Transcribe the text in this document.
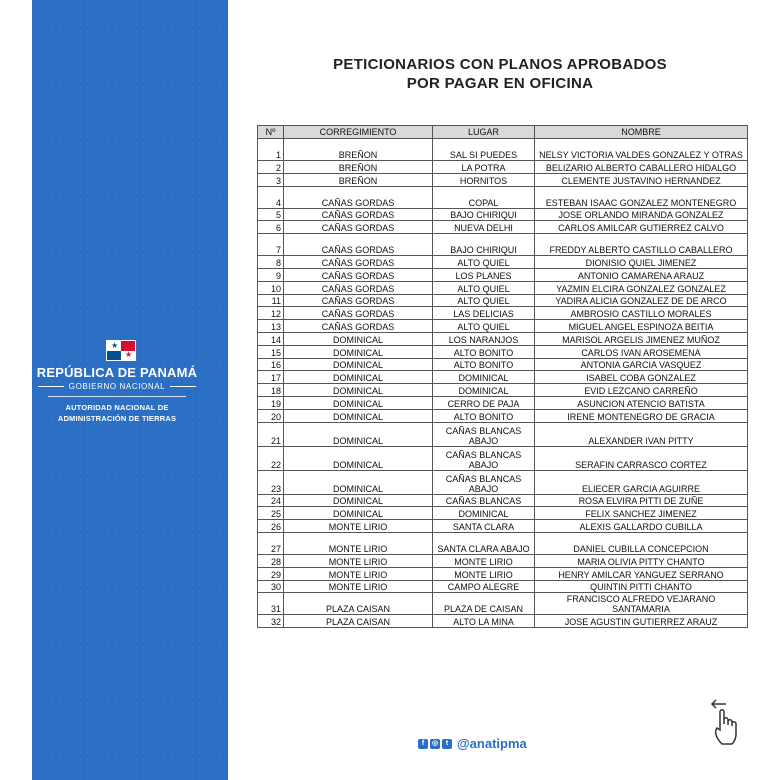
★
★
REPÚBLICA DE PANAMÁ
GOBIERNO NACIONAL
AUTORIDAD NACIONAL DE
ADMINISTRACIÓN DE TIERRAS
PETICIONARIOS CON PLANOS APROBADOS
POR PAGAR EN OFICINA
Nº	CORREGIMIENTO	LUGAR	NOMBRE
1	BREÑON	SAL SI PUEDES	NELSY VICTORIA VALDES GONZALEZ Y OTRAS
2	BREÑON	LA POTRA	BELIZARIO ALBERTO CABALLERO HIDALGO
3	BREÑON	HORNITOS	CLEMENTE JUSTAVINO HERNANDEZ
4	CAÑAS GORDAS	COPAL	ESTEBAN ISAAC GONZALEZ MONTENEGRO
5	CAÑAS GORDAS	BAJO CHIRIQUI	JOSE ORLANDO MIRANDA GONZALEZ
6	CAÑAS GORDAS	NUEVA DELHI	CARLOS AMILCAR GUTIERREZ CALVO
7	CAÑAS GORDAS	BAJO CHIRIQUI	FREDDY ALBERTO CASTILLO CABALLERO
8	CAÑAS GORDAS	ALTO QUIEL	DIONISIO QUIEL JIMENEZ
9	CAÑAS GORDAS	LOS PLANES	ANTONIO CAMARENA ARAUZ
10	CAÑAS GORDAS	ALTO QUIEL	YAZMIN ELCIRA GONZALEZ GONZALEZ
11	CAÑAS GORDAS	ALTO QUIEL	YADIRA ALICIA GONZALEZ DE DE ARCO
12	CAÑAS GORDAS	LAS DELICIAS	AMBROSIO CASTILLO MORALES
13	CAÑAS GORDAS	ALTO QUIEL	MIGUEL ANGEL ESPINOZA BEITIA
14	DOMINICAL	LOS NARANJOS	MARISOL ARGELIS JIMENEZ MUÑOZ
15	DOMINICAL	ALTO BONITO	CARLOS IVAN AROSEMENA
16	DOMINICAL	ALTO BONITO	ANTONIA GARCIA VASQUEZ
17	DOMINICAL	DOMINICAL	ISABEL COBA GONZALEZ
18	DOMINICAL	DOMINICAL	EVID LEZCANO CARREÑO
19	DOMINICAL	CERRO DE PAJA	ASUNCION ATENCIO BATISTA
20	DOMINICAL	ALTO BONITO	IRENE MONTENEGRO DE GRACIA
21	DOMINICAL	CAÑAS BLANCAS ABAJO	ALEXANDER IVAN PITTY
22	DOMINICAL	CAÑAS BLANCAS ABAJO	SERAFIN CARRASCO CORTEZ
23	DOMINICAL	CAÑAS BLANCAS ABAJO	ELIECER GARCIA AGUIRRE
24	DOMINICAL	CAÑAS BLANCAS	ROSA ELVIRA PITTI DE ZUÑE
25	DOMINICAL	DOMINICAL	FELIX SANCHEZ JIMENEZ
26	MONTE LIRIO	SANTA CLARA	ALEXIS GALLARDO CUBILLA
27	MONTE LIRIO	SANTA CLARA ABAJO	DANIEL CUBILLA CONCEPCION
28	MONTE LIRIO	MONTE LIRIO	MARIA OLIVIA PITTY CHANTO
29	MONTE LIRIO	MONTE LIRIO	HENRY AMILCAR YANGUEZ SERRANO
30	MONTE LIRIO	CAMPO ALEGRE	QUINTIN PITTI CHANTO
31	PLAZA CAISAN	PLAZA DE CAISAN	FRANCISCO ALFREDO VEJARANO SANTAMARIA
32	PLAZA CAISAN	ALTO LA MINA	JOSE AGUSTIN GUTIERREZ ARAUZ
f	◎	t @anatipma
